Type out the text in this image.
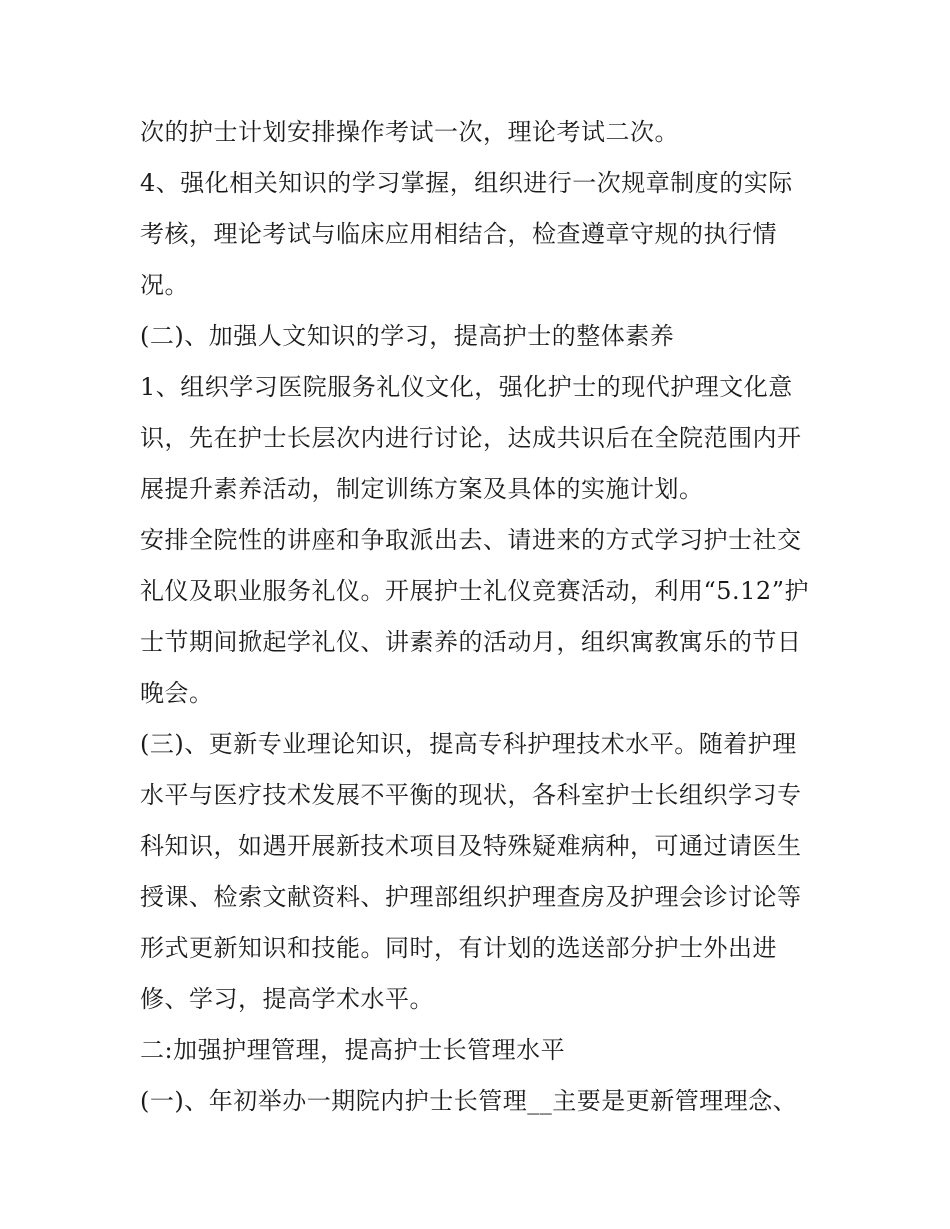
次的护士计划安排操作考试一次，理论考试二次。
4、强化相关知识的学习掌握，组织进行一次规章制度的实际
考核，理论考试与临床应用相结合，检查遵章守规的执行情
况。
(二)、加强人文知识的学习，提高护士的整体素养
1、组织学习医院服务礼仪文化，强化护士的现代护理文化意
识，先在护士长层次内进行讨论，达成共识后在全院范围内开
展提升素养活动，制定训练方案及具体的实施计划。
安排全院性的讲座和争取派出去、请进来的方式学习护士社交
礼仪及职业服务礼仪。开展护士礼仪竞赛活动，利用“5.12”护
士节期间掀起学礼仪、讲素养的活动月，组织寓教寓乐的节日
晚会。
(三)、更新专业理论知识，提高专科护理技术水平。随着护理
水平与医疗技术发展不平衡的现状，各科室护士长组织学习专
科知识，如遇开展新技术项目及特殊疑难病种，可通过请医生
授课、检索文献资料、护理部组织护理查房及护理会诊讨论等
形式更新知识和技能。同时，有计划的选送部分护士外出进
修、学习，提高学术水平。
二:加强护理管理，提高护士长管理水平
(一)、年初举办一期院内护士长管理__主要是更新管理理念、
